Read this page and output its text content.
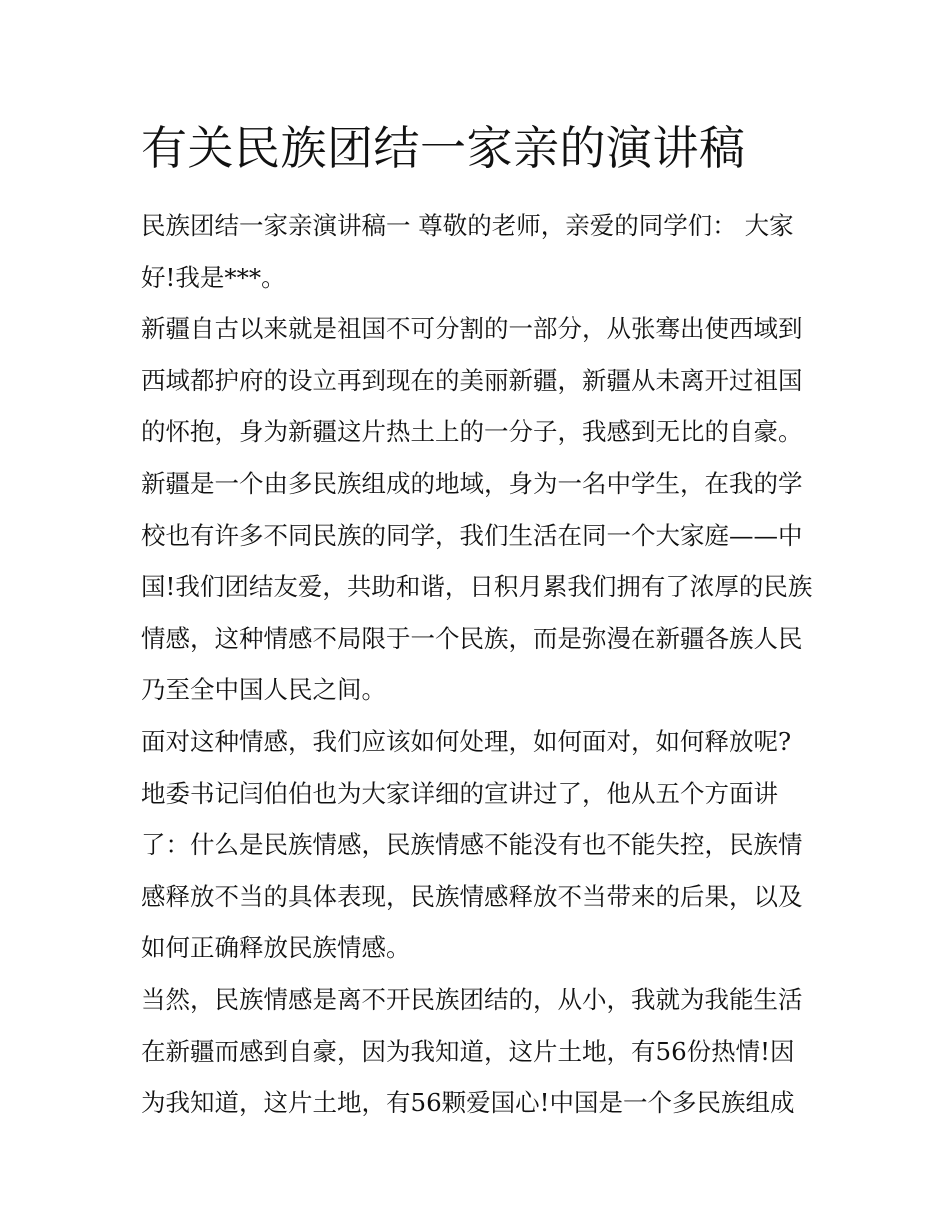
有关民族团结一家亲的演讲稿

民族团结一家亲演讲稿一 尊敬的老师，亲爱的同学们： 大家好!我是***。

新疆自古以来就是祖国不可分割的一部分，从张骞出使西域到西域都护府的设立再到现在的美丽新疆，新疆从未离开过祖国的怀抱，身为新疆这片热土上的一分子，我感到无比的自豪。

新疆是一个由多民族组成的地域，身为一名中学生，在我的学校也有许多不同民族的同学，我们生活在同一个大家庭——中国!我们团结友爱，共助和谐，日积月累我们拥有了浓厚的民族情感，这种情感不局限于一个民族，而是弥漫在新疆各族人民乃至全中国人民之间。

面对这种情感，我们应该如何处理，如何面对，如何释放呢?地委书记闫伯伯也为大家详细的宣讲过了，他从五个方面讲了：什么是民族情感，民族情感不能没有也不能失控，民族情感释放不当的具体表现，民族情感释放不当带来的后果，以及如何正确释放民族情感。

当然，民族情感是离不开民族团结的，从小，我就为我能生活在新疆而感到自豪，因为我知道，这片土地，有56份热情!因为我知道，这片土地，有56颗爱国心!中国是一个多民族组成
